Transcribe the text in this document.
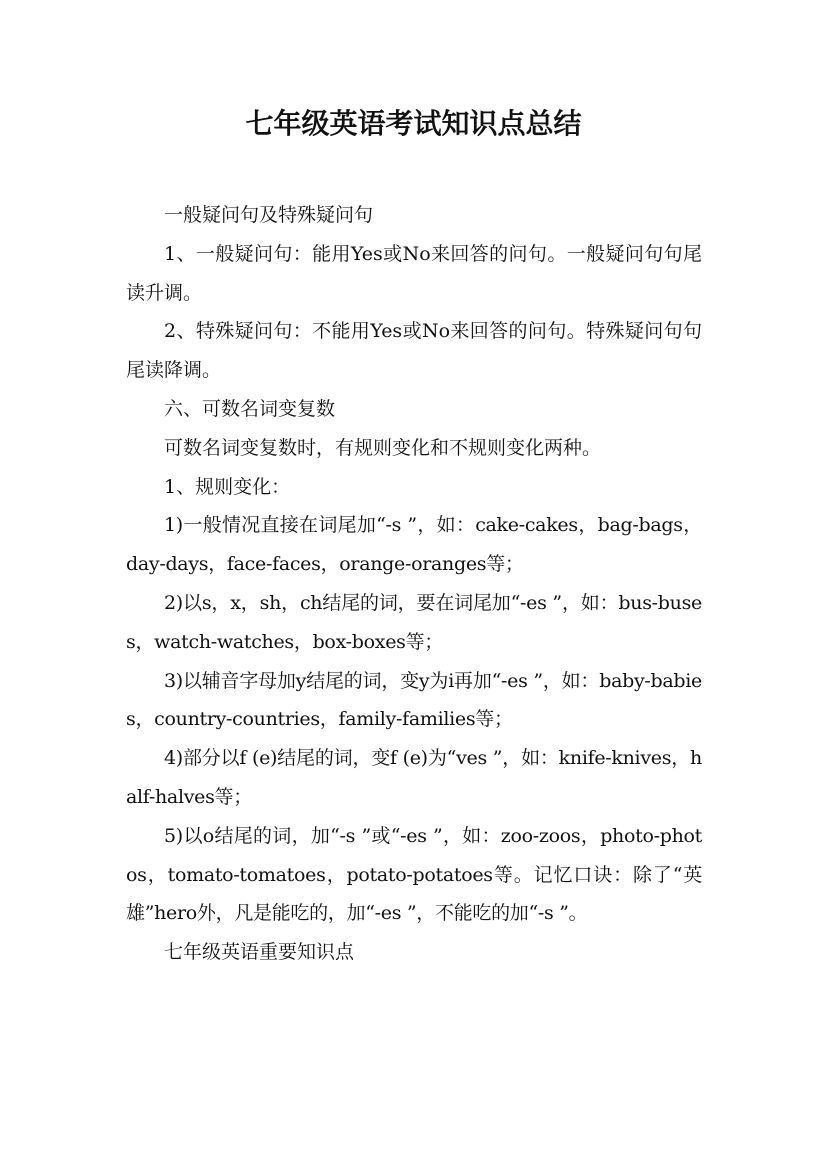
七年级英语考试知识点总结

一般疑问句及特殊疑问句

1、一般疑问句：能用Yes或No来回答的问句。一般疑问句句尾读升调。

2、特殊疑问句：不能用Yes或No来回答的问句。特殊疑问句句尾读降调。

六、可数名词变复数

可数名词变复数时，有规则变化和不规则变化两种。

1、规则变化：

1)一般情况直接在词尾加“-s ”，如：cake-cakes，bag-bags，day-days，face-faces，orange-oranges等；

2)以s，x，sh，ch结尾的词，要在词尾加“-es ”，如：bus-buses，watch-watches，box-boxes等；

3)以辅音字母加y结尾的词，变y为i再加“-es ”，如：baby-babies，country-countries，family-families等；

4)部分以f (e)结尾的词，变f (e)为“ves ”，如：knife-knives，half-halves等；

5)以o结尾的词，加“-s ”或“-es ”，如：zoo-zoos，photo-photos，tomato-tomatoes，potato-potatoes等。记忆口诀：除了“英雄”hero外，凡是能吃的，加“-es ”，不能吃的加“-s ”。

七年级英语重要知识点
